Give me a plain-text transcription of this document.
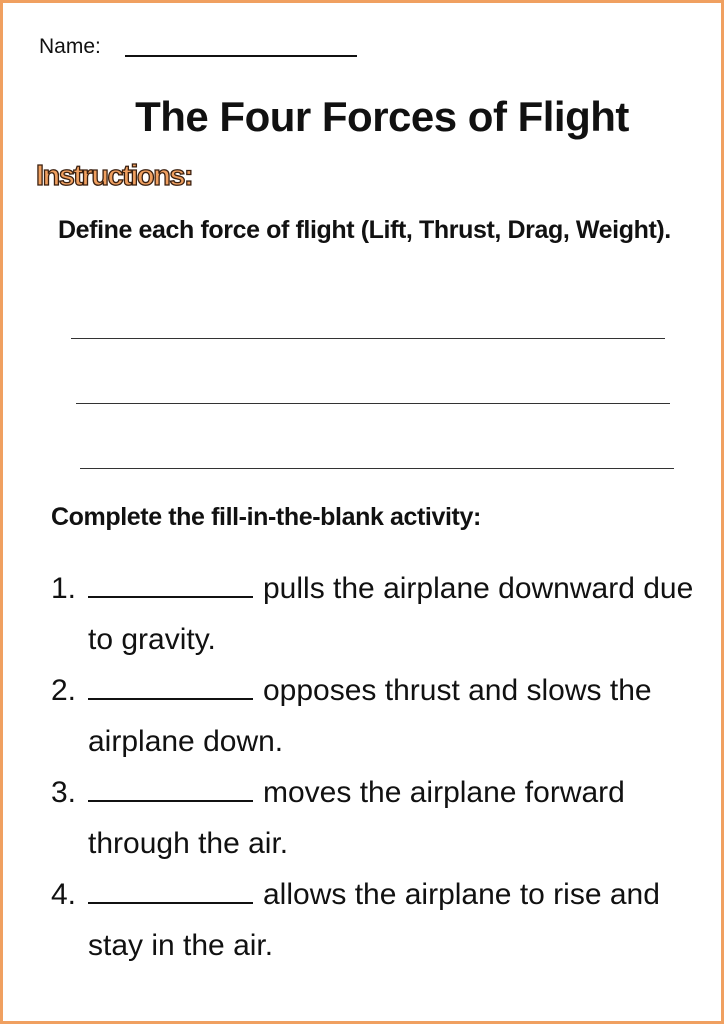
Name:
The Four Forces of Flight
Instructions:
Define each force of flight (Lift, Thrust, Drag, Weight).
Complete the fill-in-the-blank activity:
1.	pulls the airplane downward due to gravity.
2.	opposes thrust and slows the airplane down.
3.	moves the airplane forward through the air.
4.	allows the airplane to rise and stay in the air.
